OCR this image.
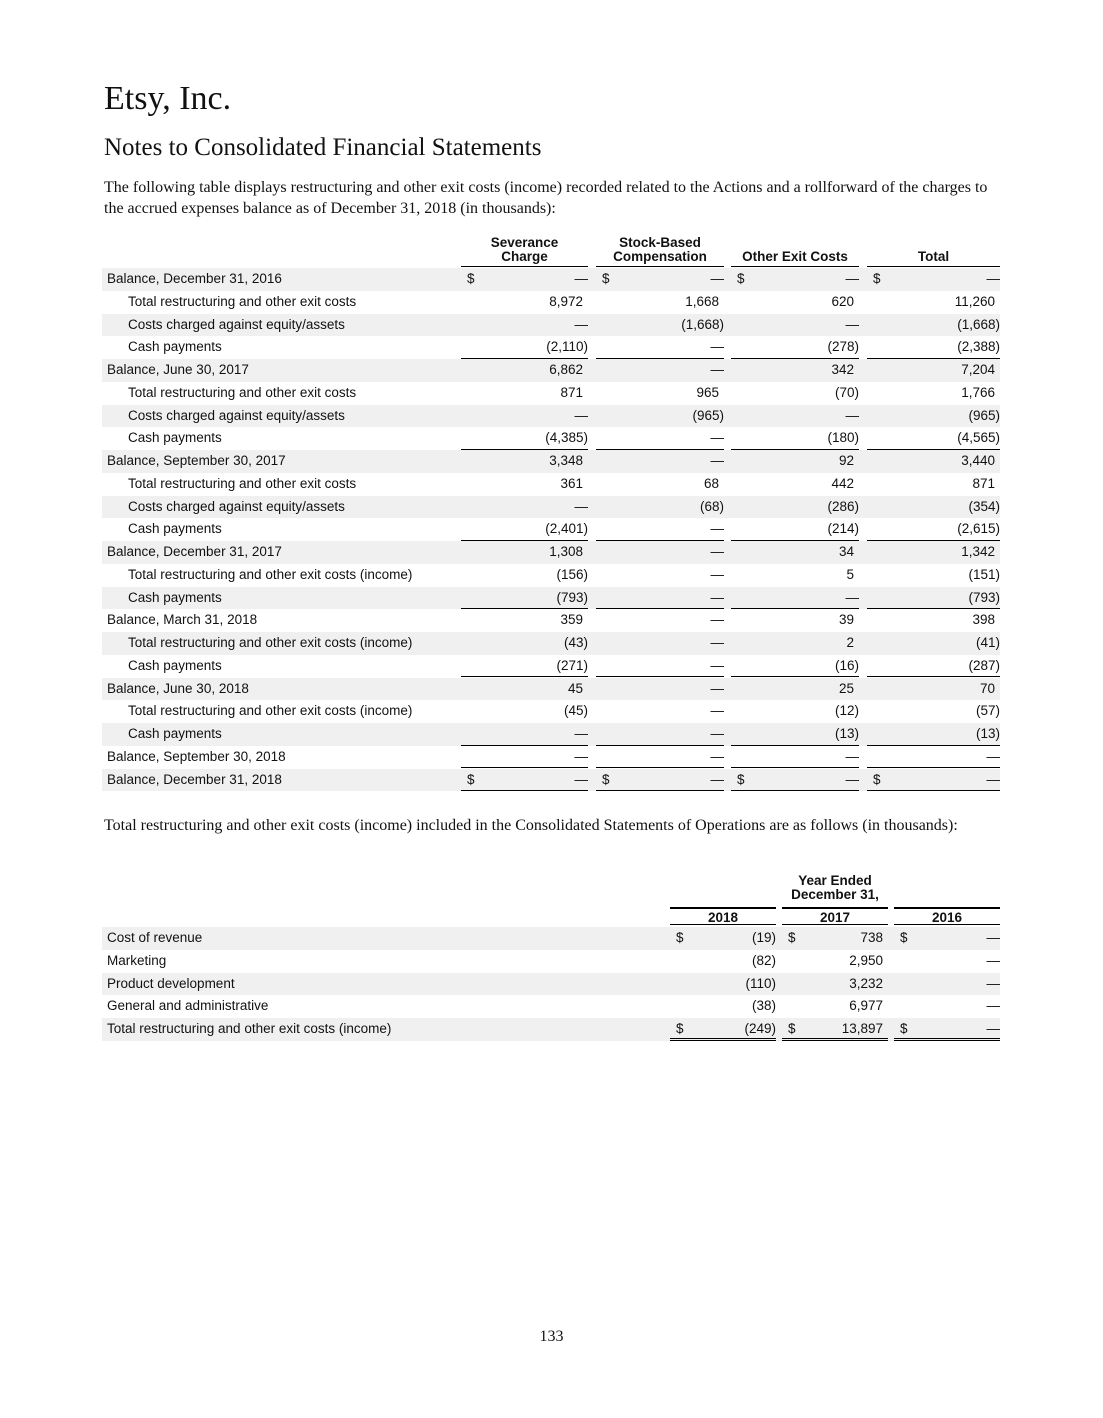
Etsy, Inc.
Notes to Consolidated Financial Statements

The following table displays restructuring and other exit costs (income) recorded related to the Actions and a rollforward of the charges to the accrued expenses balance as of December 31, 2018 (in thousands):

Severance
Charge
Stock-Based
Compensation	Other Exit Costs	Total
Balance, December 31, 2016	$	— $	— $	— $	—
Total restructuring and other exit costs	8,972	1,668	620	11,260
Costs charged against equity/assets	—	(1,668)	—	(1,668)
Cash payments	(2,110)	—	(278)	(2,388)
Balance, June 30, 2017	6,862	—	342	7,204
Total restructuring and other exit costs	871	965	(70)	1,766
Costs charged against equity/assets	—	(965)	—	(965)
Cash payments	(4,385)	—	(180)	(4,565)
Balance, September 30, 2017	3,348	—	92	3,440
Total restructuring and other exit costs	361	68	442	871
Costs charged against equity/assets	—	(68)	(286)	(354)
Cash payments	(2,401)	—	(214)	(2,615)
Balance, December 31, 2017	1,308	—	34	1,342
Total restructuring and other exit costs (income)	(156)	—	5	(151)
Cash payments	(793)	—	—	(793)
Balance, March 31, 2018	359	—	39	398
Total restructuring and other exit costs (income)	(43)	—	2	(41)
Cash payments	(271)	—	(16)	(287)
Balance, June 30, 2018	45	—	25	70
Total restructuring and other exit costs (income)	(45)	—	(12)	(57)
Cash payments	—	—	(13)	(13)
Balance, September 30, 2018	—	—	—	—
Balance, December 31, 2018	$	— $	— $	— $	—

Total restructuring and other exit costs (income) included in the Consolidated Statements of Operations are as follows (in thousands):

Year Ended
December 31,
2018	2017	2016
Cost of revenue	$	(19) $	738 $	—
Marketing	(82)	2,950	—
Product development	(110)	3,232	—
General and administrative	(38)	6,977	—
Total restructuring and other exit costs (income)	$	(249) $	13,897 $	—
133
